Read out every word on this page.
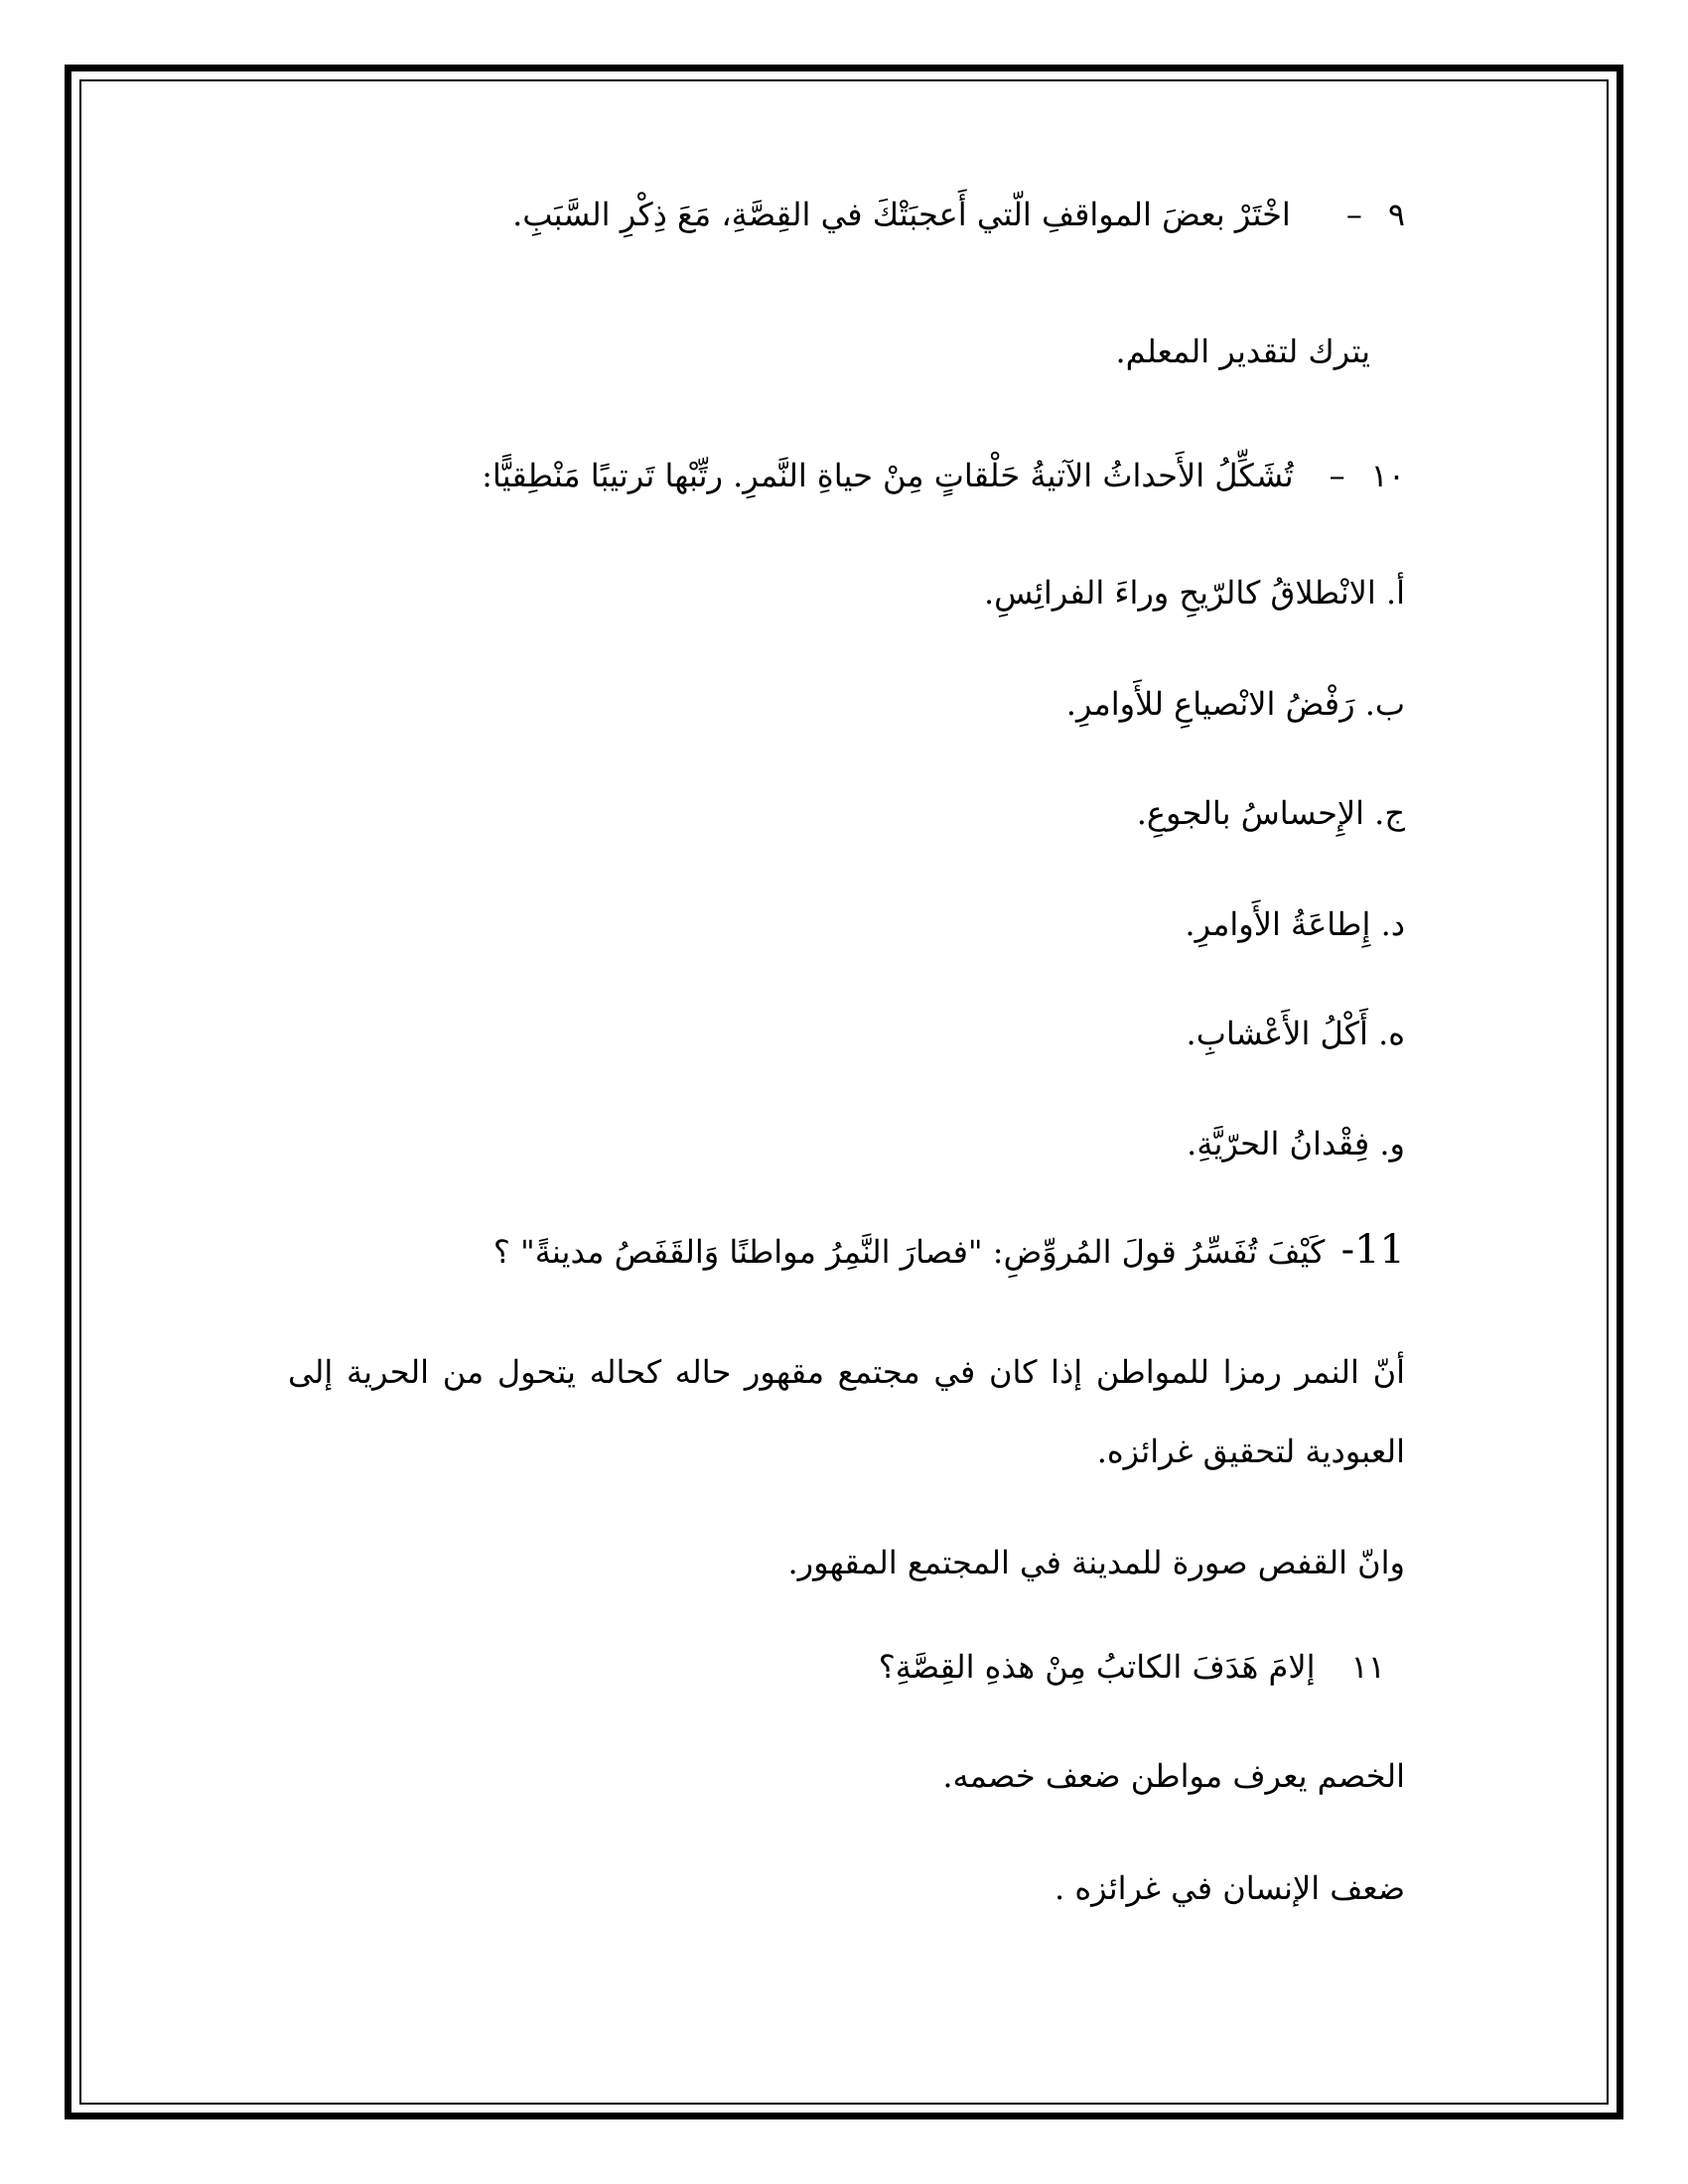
٩
–
اخْتَرْ بعضَ المواقفِ الّتي أَعجبَتْكَ في القِصَّةِ، مَعَ ذِكْرِ السَّبَبِ.
يترك لتقدير المعلم.
١٠
–
تُشَكِّلُ الأَحداثُ الآتيةُ حَلْقاتٍ مِنْ حياةِ النَّمرِ. رتِّبْها تَرتيبًا مَنْطِقيًّا:
أ. الانْطلاقُ كالرّيحِ وراءَ الفرائِسِ.
ب. رَفْضُ الانْصياعِ للأَوامرِ.
ج. الإِحساسُ بالجوعِ.
د. إِطاعَةُ الأَوامرِ.
ه. أَكْلُ الأَعْشابِ.
و. فِقْدانُ الحرّيَّةِ.
11- كَيْفَ تُفَسِّرُ قولَ المُروِّضِ: "فصارَ النَّمِرُ مواطنًا وَالقَفَصُ مدينةً" ؟
أنّ النمر رمزا للمواطن إذا كان في مجتمع مقهور حاله كحاله يتحول من الحرية إلى العبودية لتحقيق غرائزه.
وانّ القفص صورة للمدينة في المجتمع المقهور.
١١ إلامَ هَدَفَ الكاتبُ مِنْ هذهِ القِصَّةِ؟
الخصم يعرف مواطن ضعف خصمه.
ضعف الإنسان في غرائزه .
